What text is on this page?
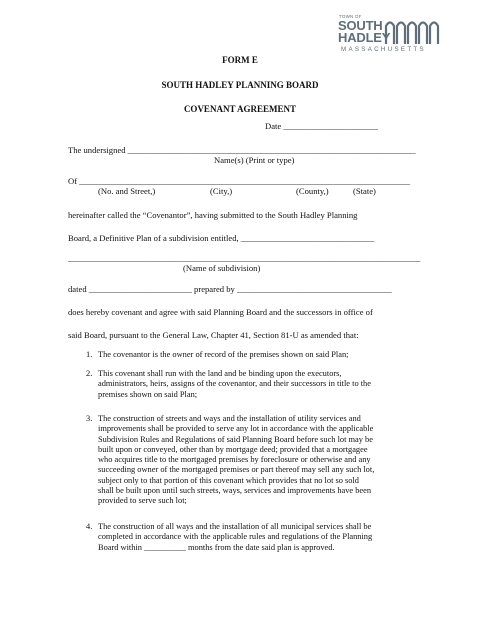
TOWN OF
SOUTH
HADLEY
MASSACHUSETTS
FORM E
SOUTH HADLEY PLANNING BOARD
COVENANT AGREEMENT
Date ______________________
The undersigned ___________________________________________________________________
Name(s) (Print or type)
Of _____________________________________________________________________________
(No. and Street,)	(City,)	(County,)	(State)
hereinafter called the “Covenantor”, having submitted to the South Hadley Planning
Board, a Definitive Plan of a subdivision entitled, _______________________________
__________________________________________________________________________________
(Name of subdivision)
dated ________________________ prepared by ____________________________________
does hereby covenant and agree with said Planning Board and the successors in office of
said Board, pursuant to the General Law, Chapter 41, Section 81-U as amended that:
1. The covenantor is the owner of record of the premises shown on said Plan;
2. This covenant shall run with the land and be binding upon the executors,
administrators, heirs, assigns of the covenantor, and their successors in title to the
premises shown on said Plan;
3. The construction of streets and ways and the installation of utility services and
improvements shall be provided to serve any lot in accordance with the applicable
Subdivision Rules and Regulations of said Planning Board before such lot may be
built upon or conveyed, other than by mortgage deed; provided that a mortgagee
who acquires title to the mortgaged premises by foreclosure or otherwise and any
succeeding owner of the mortgaged premises or part thereof may sell any such lot,
subject only to that portion of this covenant which provides that no lot so sold
shall be built upon until such streets, ways, services and improvements have been
provided to serve such lot;
4. The construction of all ways and the installation of all municipal services shall be
completed in accordance with the applicable rules and regulations of the Planning
Board within __________ months from the date said plan is approved.
